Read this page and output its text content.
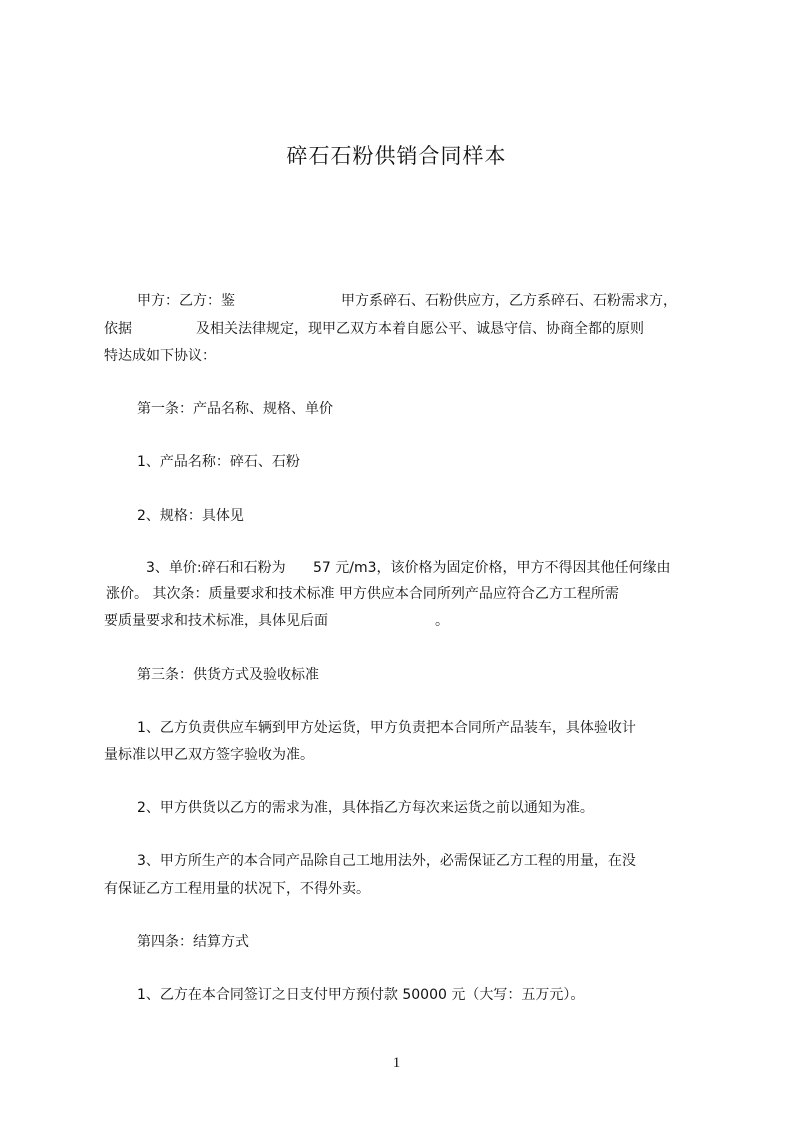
碎石石粉供销合同样本
甲方：乙方：鉴	甲方系碎石、石粉供应方，乙方系碎石、石粉需求方，
依据	及相关法律规定，现甲乙双方本着自愿公平、诚恳守信、协商全都的原则
特达成如下协议：
第一条：产品名称、规格、单价
1、产品名称：碎石、石粉
2、规格：具体见
3、单价:碎石和石粉为 57 元/m3，该价格为固定价格，甲方不得因其他任何缘由
涨价。 其次条：质量要求和技术标准 甲方供应本合同所列产品应符合乙方工程所需
要质量要求和技术标准，具体见后面	。
第三条：供货方式及验收标准
1、乙方负责供应车辆到甲方处运货，甲方负责把本合同所产品装车，具体验收计
量标准以甲乙双方签字验收为准。
2、甲方供货以乙方的需求为准，具体指乙方每次来运货之前以通知为准。
3、甲方所生产的本合同产品除自己工地用法外，必需保证乙方工程的用量，在没
有保证乙方工程用量的状况下，不得外卖。
第四条：结算方式
1、乙方在本合同签订之日支付甲方预付款 50000 元（大写：五万元）。
1
